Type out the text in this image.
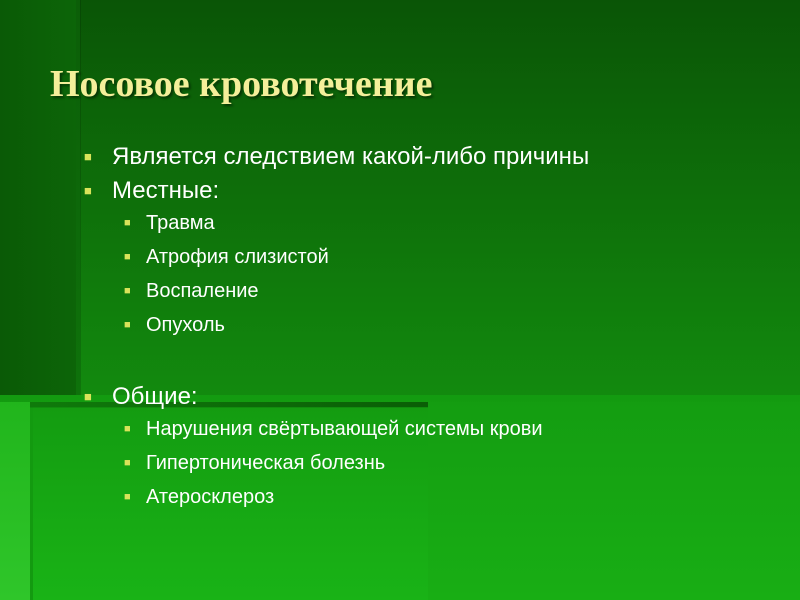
Носовое кровотечение
■ Является следствием какой-либо причины
■ Местные:
■ Травма
■ Атрофия слизистой
■ Воспаление
■ Опухоль
■ Общие:
■ Нарушения свёртывающей системы крови
■ Гипертоническая болезнь
■ Атеросклероз
